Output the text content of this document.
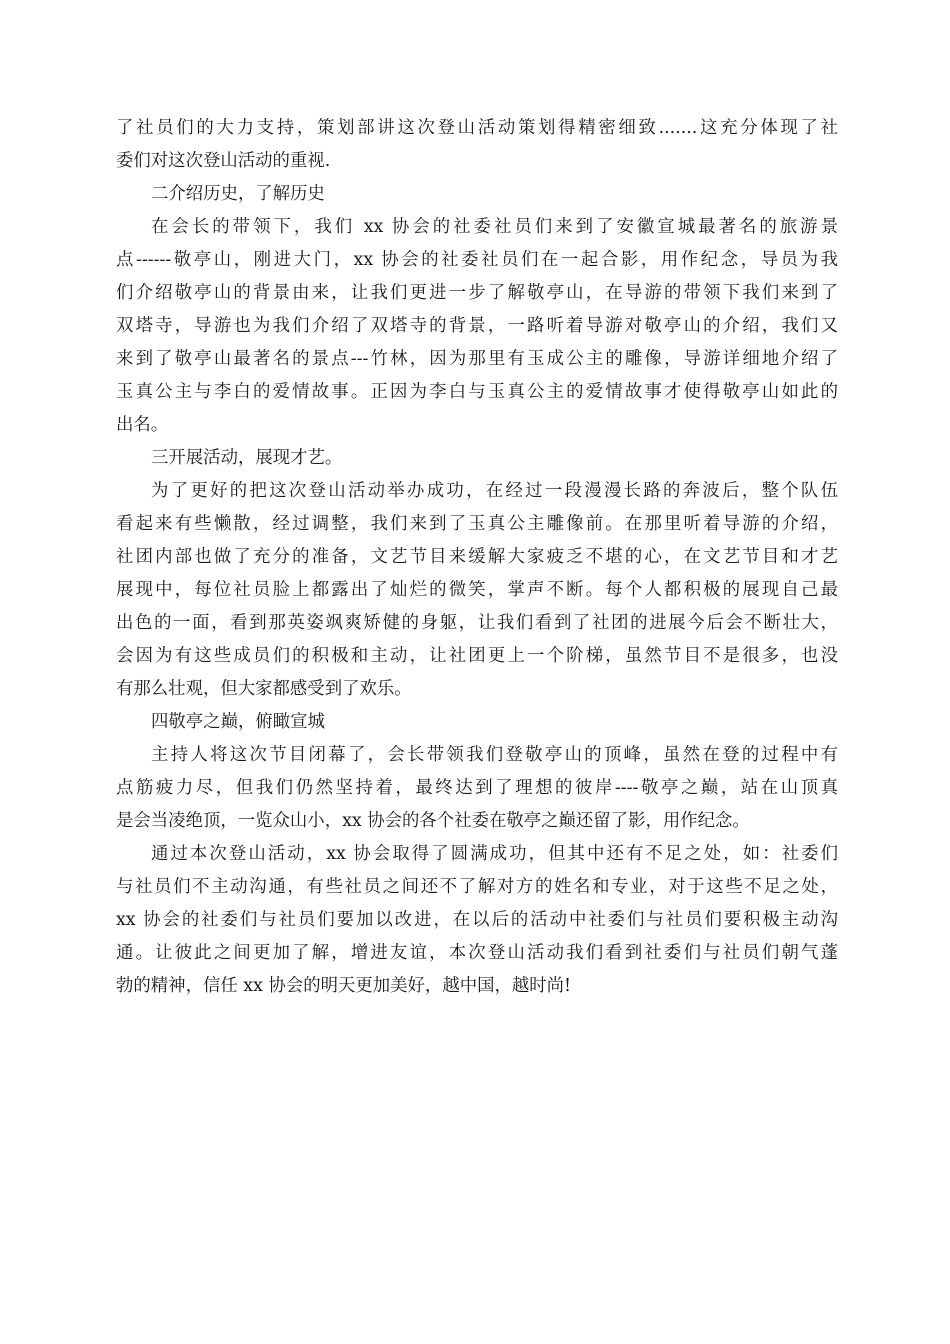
了社员们的大力支持，策划部讲这次登山活动策划得精密细致.......这充分体现了社
委们对这次登山活动的重视.
二介绍历史，了解历史
在会长的带领下，我们 xx 协会的社委社员们来到了安徽宣城最著名的旅游景
点------敬亭山，刚进大门，xx 协会的社委社员们在一起合影，用作纪念，导员为我
们介绍敬亭山的背景由来，让我们更进一步了解敬亭山，在导游的带领下我们来到了
双塔寺，导游也为我们介绍了双塔寺的背景，一路听着导游对敬亭山的介绍，我们又
来到了敬亭山最著名的景点---竹林，因为那里有玉成公主的雕像，导游详细地介绍了
玉真公主与李白的爱情故事。正因为李白与玉真公主的爱情故事才使得敬亭山如此的
出名。
三开展活动，展现才艺。
为了更好的把这次登山活动举办成功，在经过一段漫漫长路的奔波后，整个队伍
看起来有些懒散，经过调整，我们来到了玉真公主雕像前。在那里听着导游的介绍，
社团内部也做了充分的准备，文艺节目来缓解大家疲乏不堪的心，在文艺节目和才艺
展现中，每位社员脸上都露出了灿烂的微笑，掌声不断。每个人都积极的展现自己最
出色的一面，看到那英姿飒爽矫健的身躯，让我们看到了社团的进展今后会不断壮大，
会因为有这些成员们的积极和主动，让社团更上一个阶梯，虽然节目不是很多，也没
有那么壮观，但大家都感受到了欢乐。
四敬亭之巅，俯瞰宣城
主持人将这次节目闭幕了，会长带领我们登敬亭山的顶峰，虽然在登的过程中有
点筋疲力尽，但我们仍然坚持着，最终达到了理想的彼岸----敬亭之巅，站在山顶真
是会当凌绝顶，一览众山小，xx 协会的各个社委在敬亭之巅还留了影，用作纪念。
通过本次登山活动，xx 协会取得了圆满成功，但其中还有不足之处，如：社委们
与社员们不主动沟通，有些社员之间还不了解对方的姓名和专业，对于这些不足之处，
xx 协会的社委们与社员们要加以改进，在以后的活动中社委们与社员们要积极主动沟
通。让彼此之间更加了解，增进友谊，本次登山活动我们看到社委们与社员们朝气蓬
勃的精神，信任 xx 协会的明天更加美好，越中国，越时尚!
